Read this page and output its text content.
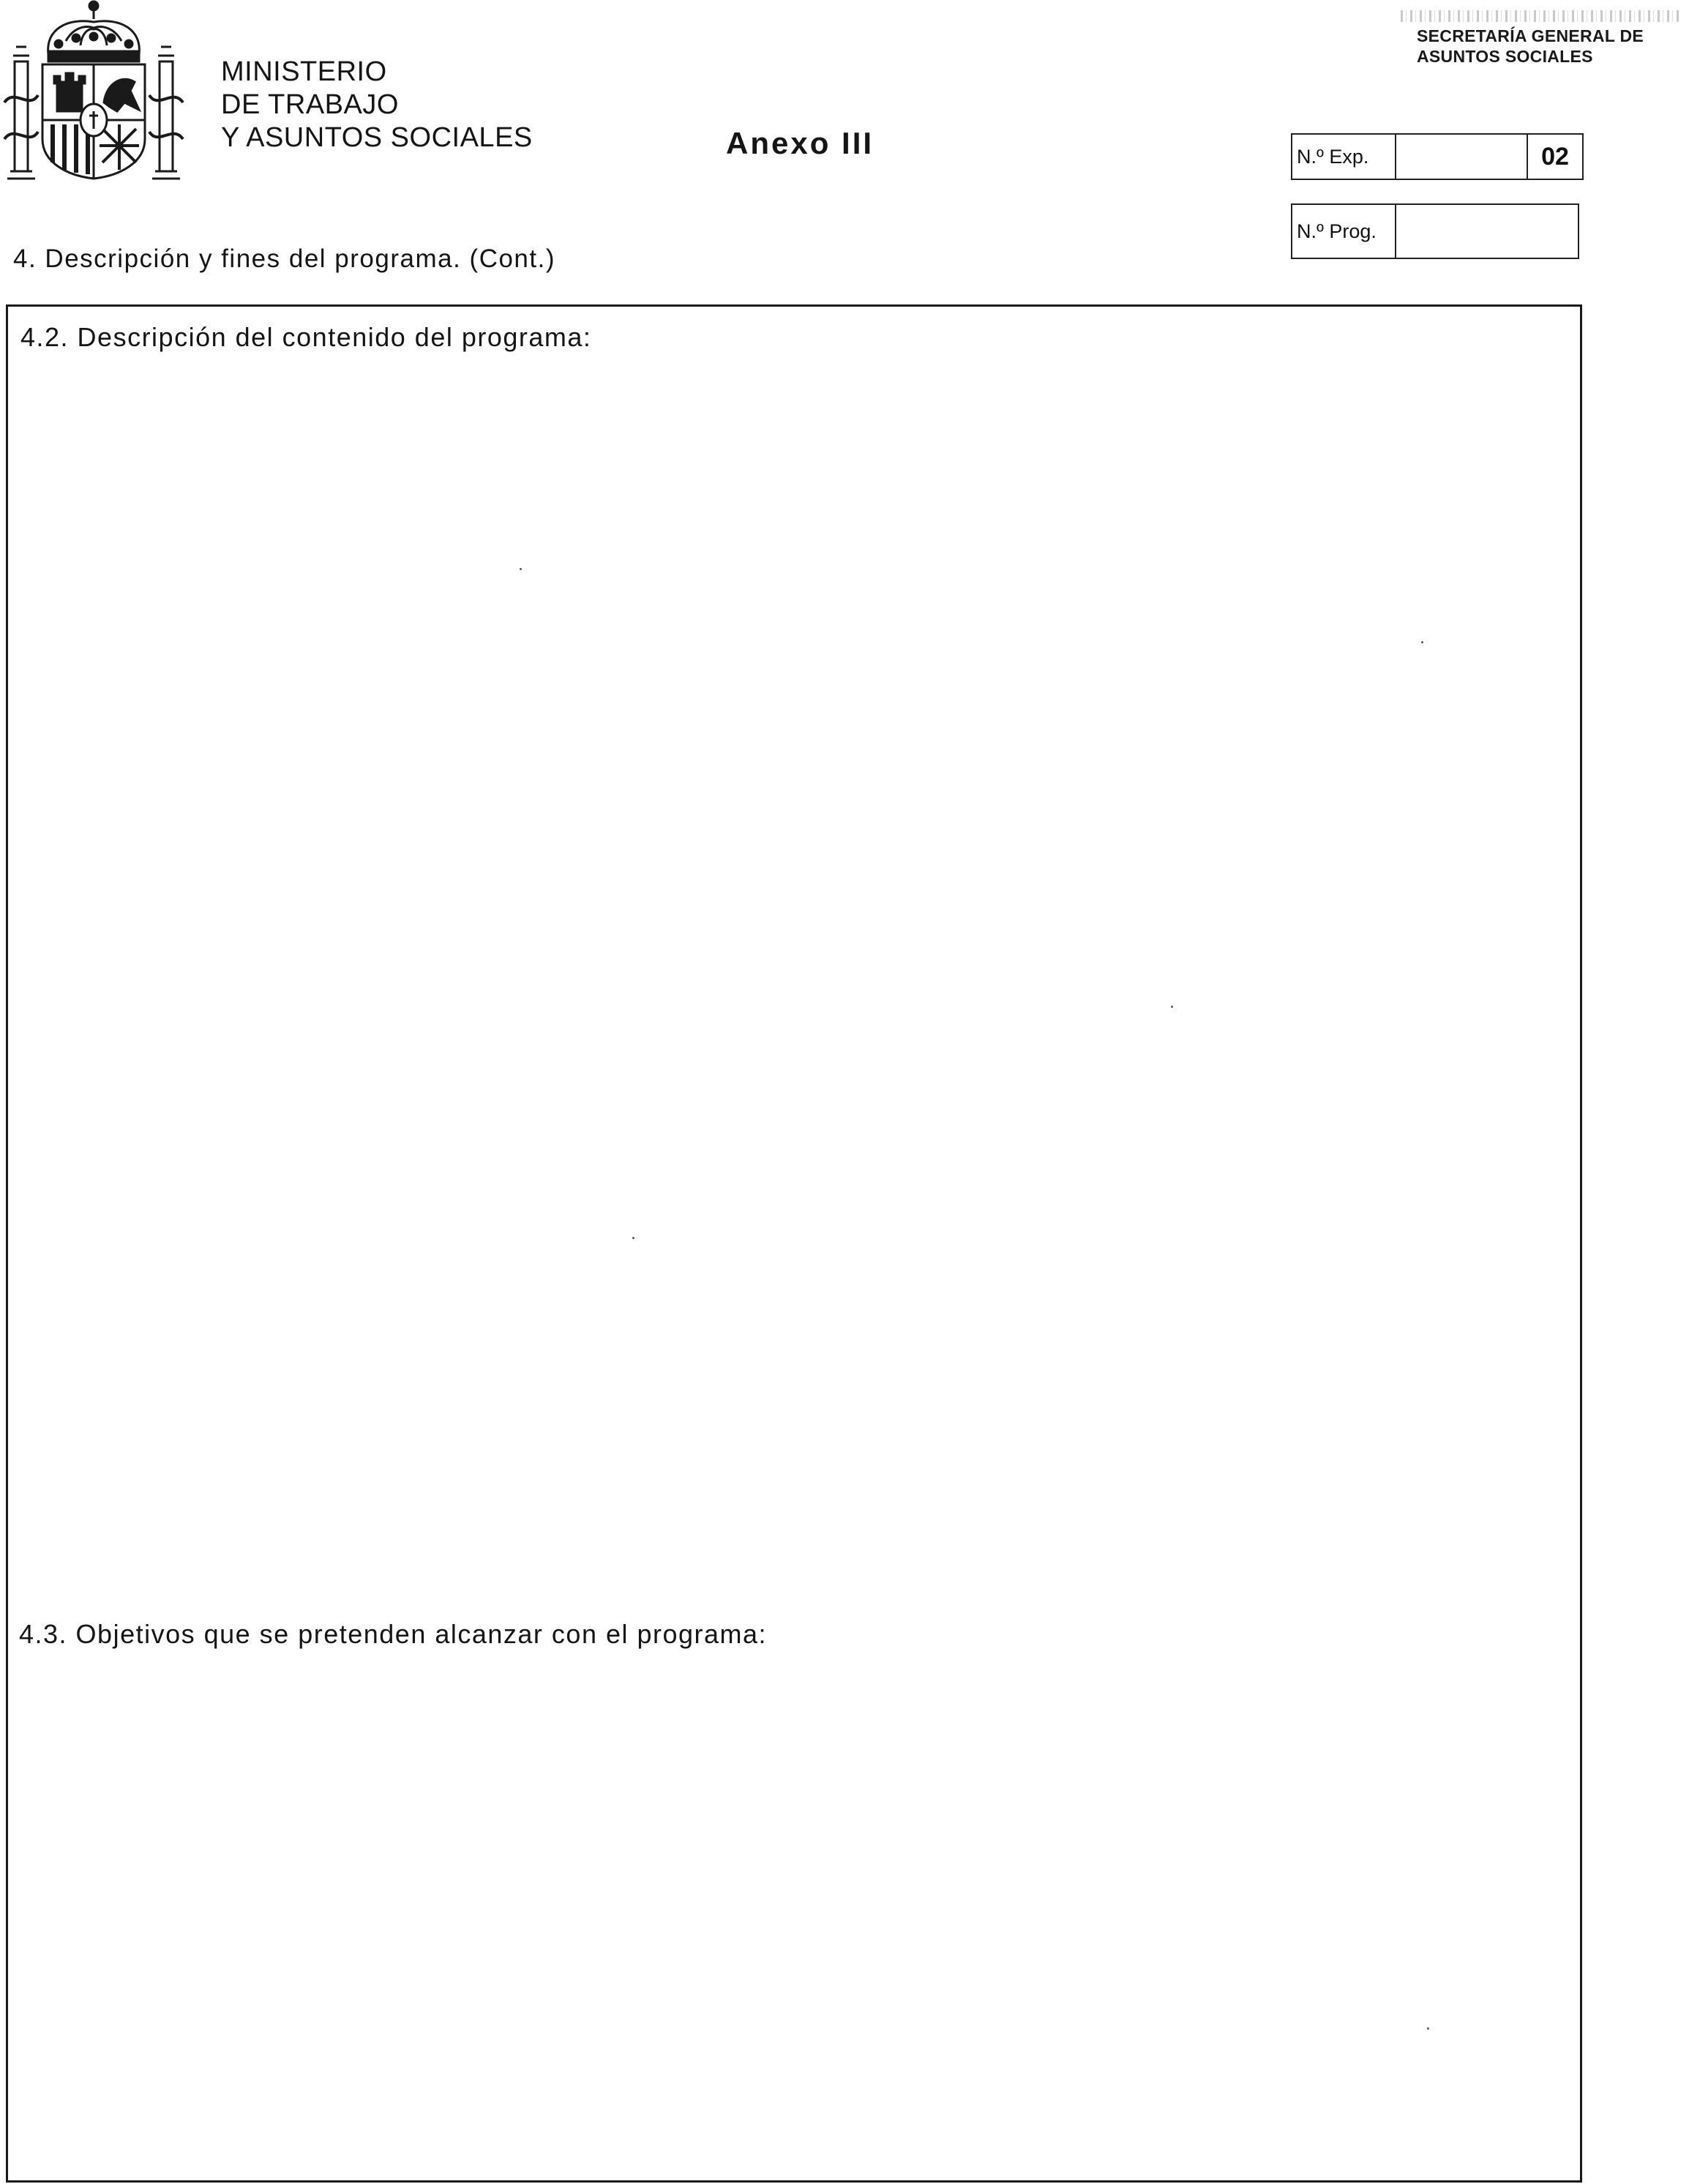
MINISTERIO
DE TRABAJO
Y ASUNTOS SOCIALES	Anexo III
SECRETARÍA GENERAL DE
ASUNTOS SOCIALES
N.º Exp.	02
N.º Prog.
4. Descripción y fines del programa. (Cont.)
4.2. Descripción del contenido del programa:
4.3. Objetivos que se pretenden alcanzar con el programa:
